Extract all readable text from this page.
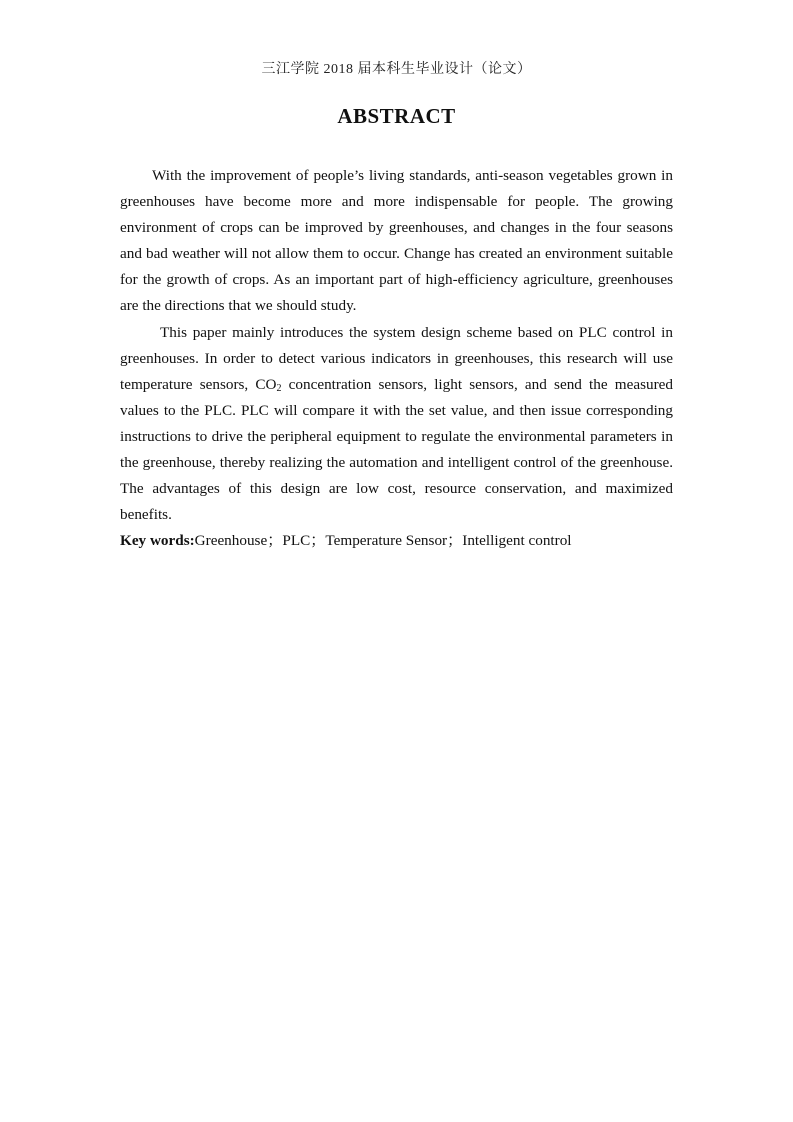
三江学院 2018 届本科生毕业设计（论文）
ABSTRACT

With the improvement of people’s living standards, anti-season vegetables grown in greenhouses have become more and more indispensable for people. The growing environment of crops can be improved by greenhouses, and changes in the four seasons and bad weather will not allow them to occur. Change has created an environment suitable for the growth of crops. As an important part of high-efficiency agriculture, greenhouses are the directions that we should study.

This paper mainly introduces the system design scheme based on PLC control in greenhouses. In order to detect various indicators in greenhouses, this research will use temperature sensors, $CO_2$ concentration sensors, light sensors, and send the measured values to the PLC. PLC will compare it with the set value, and then issue corresponding instructions to drive the peripheral equipment to regulate the environmental parameters in the greenhouse, thereby realizing the automation and intelligent control of the greenhouse. The advantages of this design are low cost, resource conservation, and maximized benefits.

Key words:Greenhouse；PLC；Temperature Sensor；Intelligent control
